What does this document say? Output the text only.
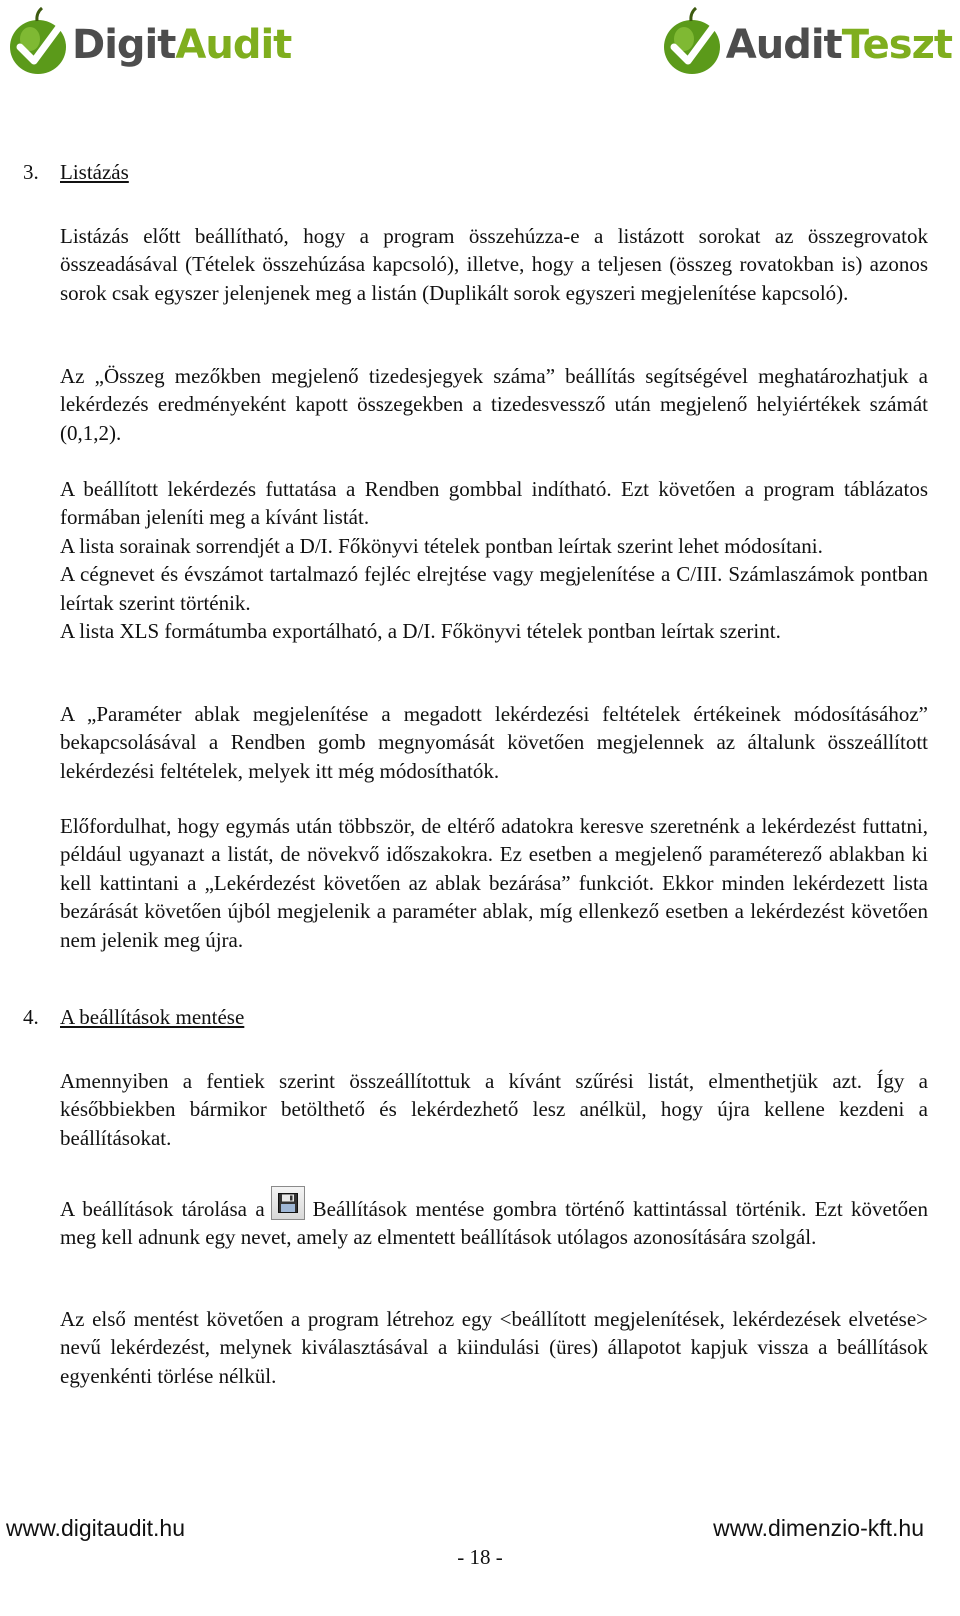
DigitAudit	AuditTeszt
3. Listázás

Listázás előtt beállítható, hogy a program összehúzza-e a listázott sorokat az összegrovatok összeadásával (Tételek összehúzása kapcsoló), illetve, hogy a teljesen (összeg rovatokban is) azonos sorok csak egyszer jelenjenek meg a listán (Duplikált sorok egyszeri megjelenítése kapcsoló).

Az „Összeg mezőkben megjelenő tizedesjegyek száma” beállítás segítségével meghatározhatjuk a lekérdezés eredményeként kapott összegekben a tizedesvessző után megjelenő helyiértékek számát (0,1,2).

A beállított lekérdezés futtatása a Rendben gombbal indítható. Ezt követően a program táblázatos formában jeleníti meg a kívánt listát.

A lista sorainak sorrendjét a D/I. Főkönyvi tételek pontban leírtak szerint lehet módosítani.

A cégnevet és évszámot tartalmazó fejléc elrejtése vagy megjelenítése a C/III. Számlaszámok pontban leírtak szerint történik.

A lista XLS formátumba exportálható, a D/I. Főkönyvi tételek pontban leírtak szerint.

A „Paraméter ablak megjelenítése a megadott lekérdezési feltételek értékeinek módosításához” bekapcsolásával a Rendben gomb megnyomását követően megjelennek az általunk összeállított lekérdezési feltételek, melyek itt még módosíthatók.

Előfordulhat, hogy egymás után többször, de eltérő adatokra keresve szeretnénk a lekérdezést futtatni, például ugyanazt a listát, de növekvő időszakokra. Ez esetben a megjelenő paraméterező ablakban ki kell kattintani a „Lekérdezést követően az ablak bezárása” funkciót. Ekkor minden lekérdezett lista bezárását követően újból megjelenik a paraméter ablak, míg ellenkező esetben a lekérdezést követően nem jelenik meg újra.

4. A beállítások mentése

Amennyiben a fentiek szerint összeállítottuk a kívánt szűrési listát, elmenthetjük azt. Így a későbbiekben bármikor betölthető és lekérdezhető lesz anélkül, hogy újra kellene kezdeni a beállításokat.

A beállítások tárolása a Beállítások mentése gombra történő kattintással történik. Ezt követően meg kell adnunk egy nevet, amely az elmentett beállítások utólagos azonosítására szolgál.

Az első mentést követően a program létrehoz egy <beállított megjelenítések, lekérdezések elvetése> nevű lekérdezést, melynek kiválasztásával a kiindulási (üres) állapotot kapjuk vissza a beállítások egyenkénti törlése nélkül.

www.digitaudit.hu	www.dimenzio-kft.hu
- 18 -
